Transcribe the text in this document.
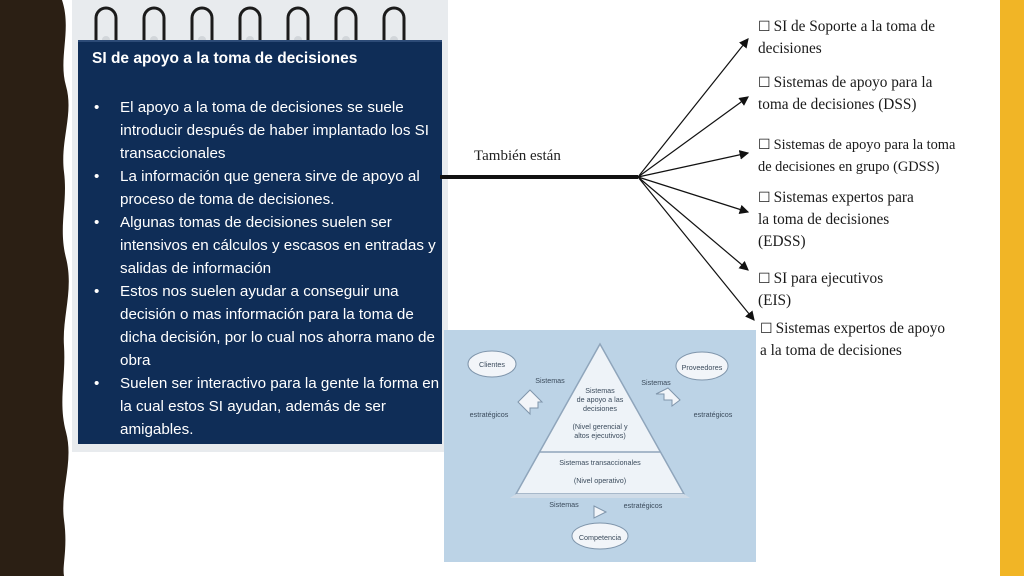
SI de apoyo a la toma de decisiones
• El apoyo a la toma de decisiones se suele introducir después de haber implantado los SI transaccionales
• La información que genera sirve de apoyo al proceso de toma de decisiones.
• Algunas tomas de decisiones suelen ser intensivos en cálculos y escasos en entradas y salidas de información
• Estos nos suelen ayudar a conseguir una decisión o mas información para la toma de dicha decisión, por lo cual nos ahorra mano de obra
• Suelen ser interactivo para la gente la forma en la cual estos SI ayudan, además de ser amigables.
También están
☐ SI de Soporte a la toma de
decisiones
☐ Sistemas de apoyo para la
toma de decisiones (DSS)
☐ Sistemas de apoyo para la toma
de decisiones en grupo (GDSS)
☐ Sistemas expertos para
la toma de decisiones
(EDSS)
☐ SI para ejecutivos
(EIS)
☐ Sistemas expertos de apoyo
a la toma de decisiones
Clientes	Proveedores
Competencia
Sistemas
estratégicos
Sistemas
estratégicos
Sistemas	estratégicos
Sistemas
de apoyo a las
decisiones
(Nivel gerencial y
altos ejecutivos)
Sistemas transaccionales
(Nivel operativo)
